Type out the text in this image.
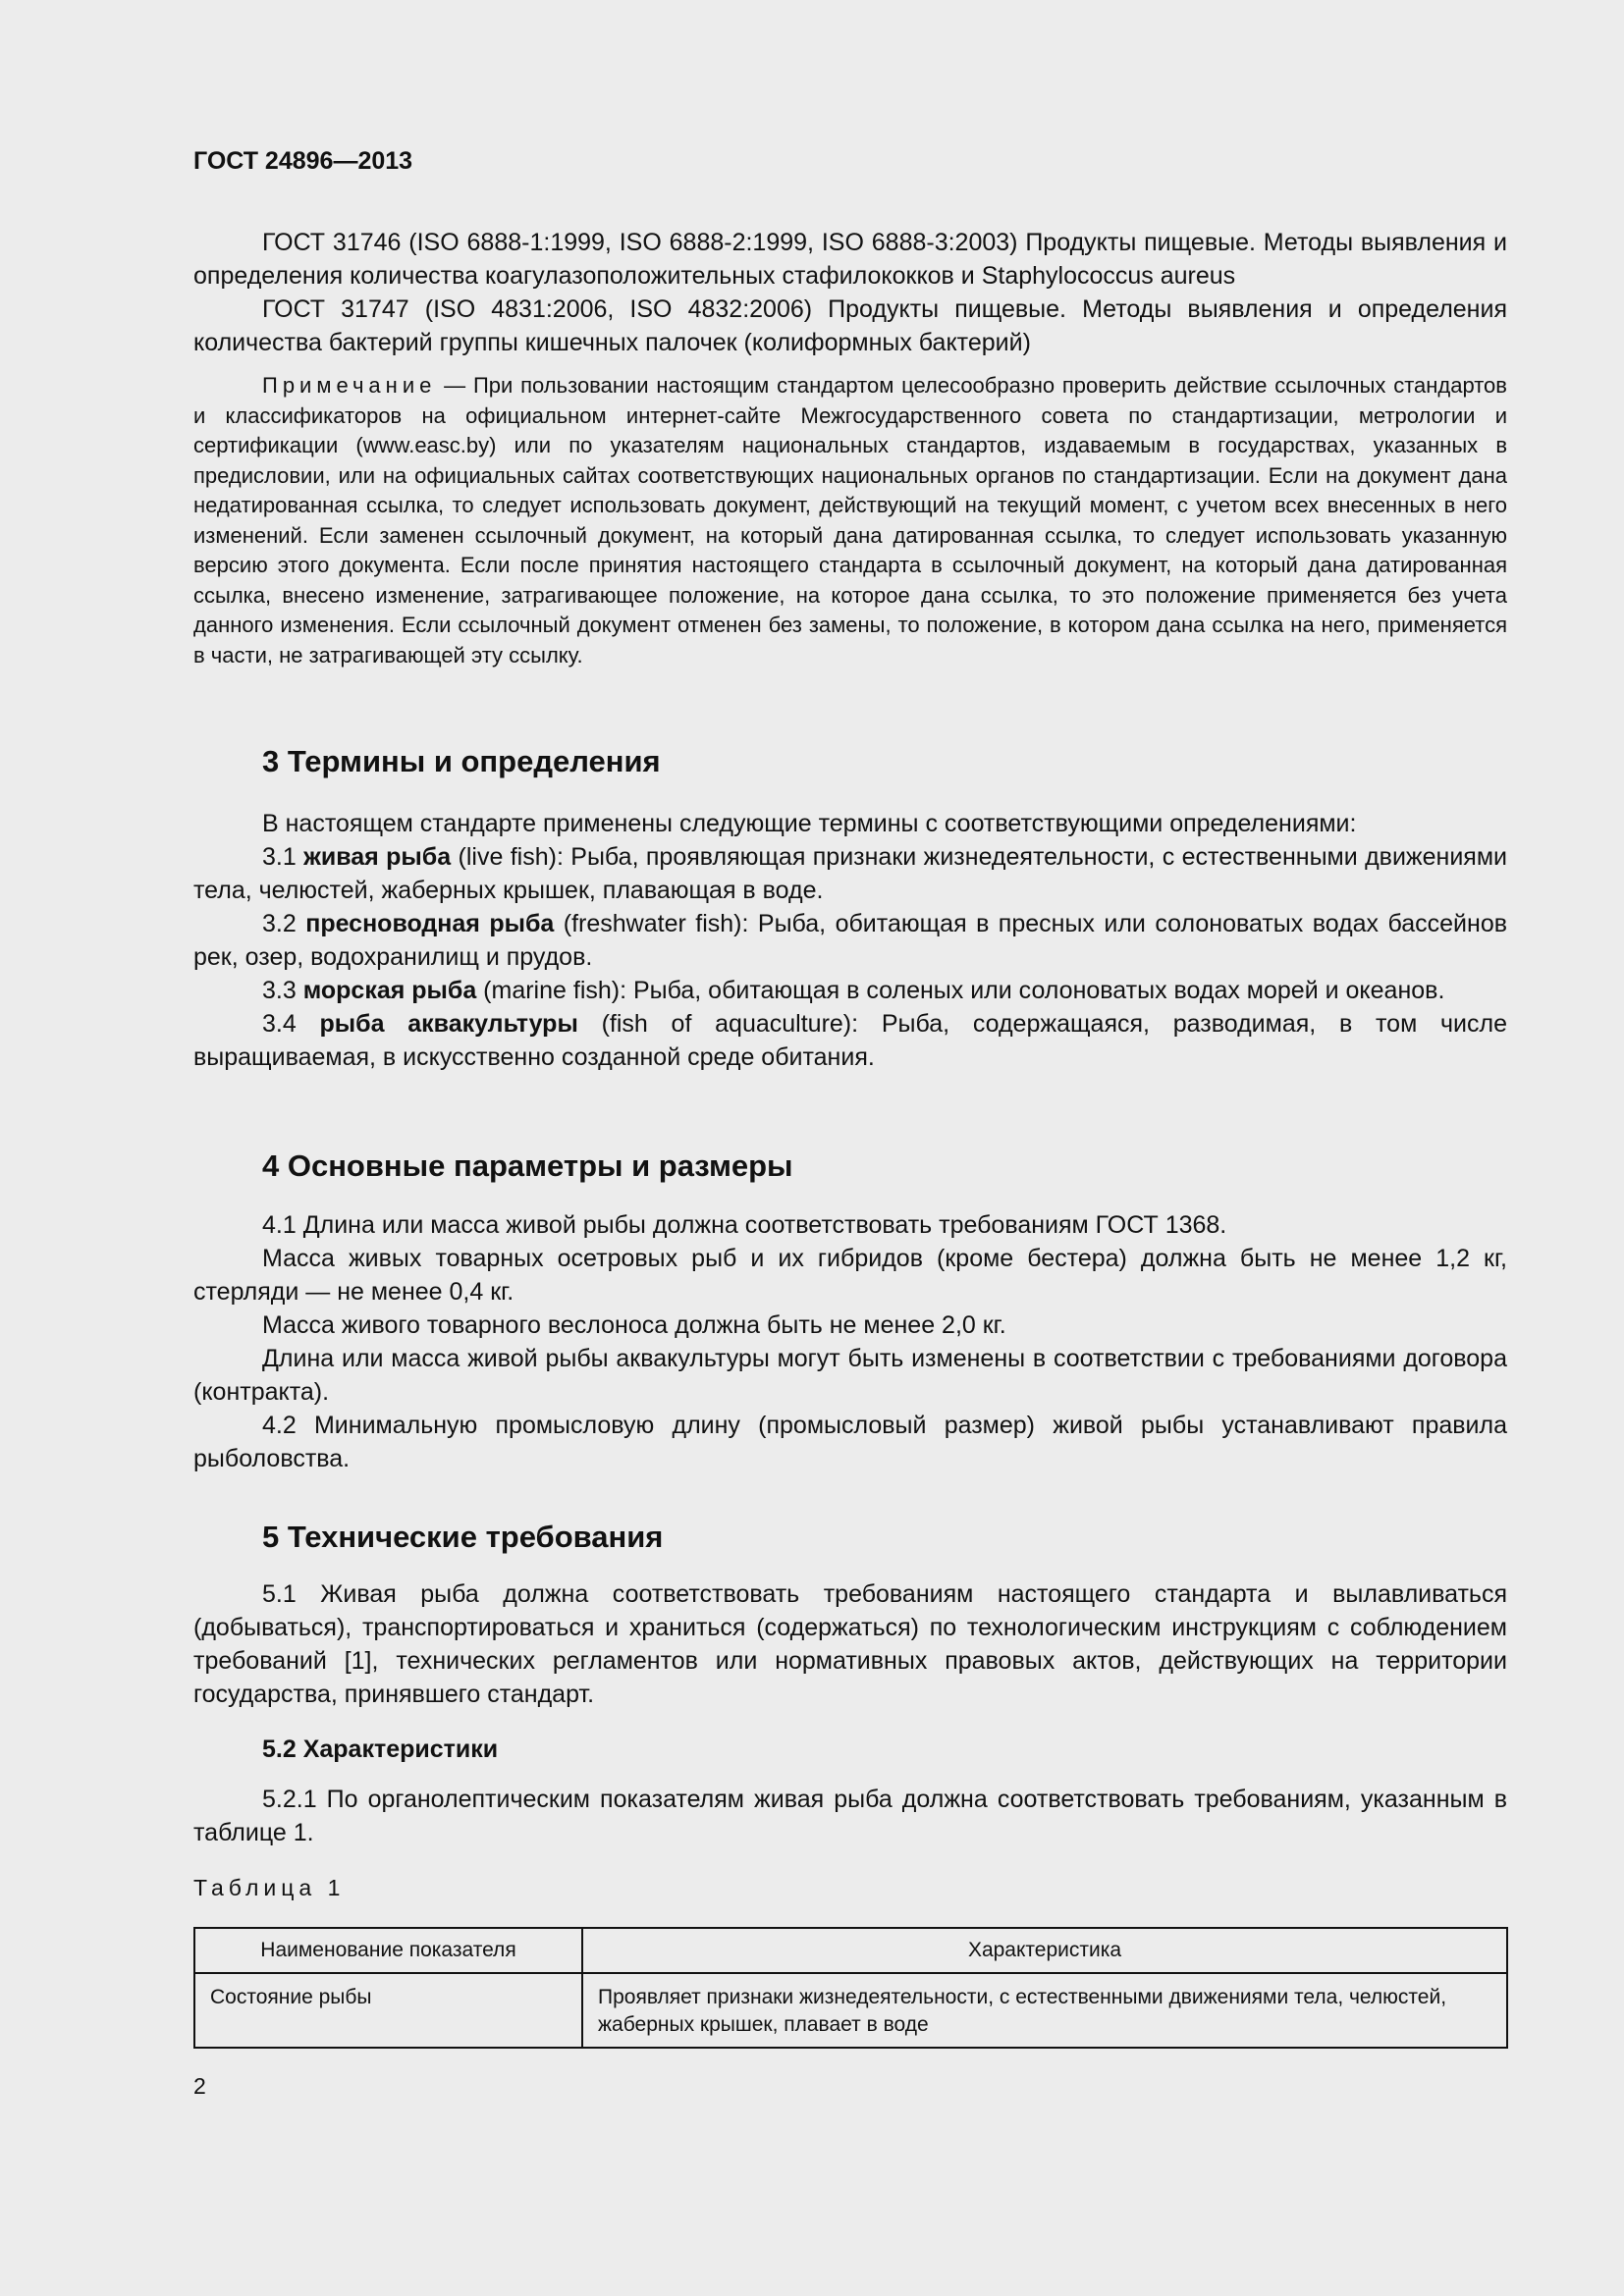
ГОСТ 24896—2013

ГОСТ 31746 (ISO 6888-1:1999, ISO 6888-2:1999, ISO 6888-3:2003) Продукты пищевые. Методы выявления и определения количества коагулазоположительных стафилококков и Staphylococcus aureus

ГОСТ 31747 (ISO 4831:2006, ISO 4832:2006) Продукты пищевые. Методы выявления и определения количества бактерий группы кишечных палочек (колиформных бактерий)

Примечание — При пользовании настоящим стандартом целесообразно проверить действие ссылочных стандартов и классификаторов на официальном интернет-сайте Межгосударственного совета по стандартизации, метрологии и сертификации (www.easc.by) или по указателям национальных стандартов, издаваемым в государствах, указанных в предисловии, или на официальных сайтах соответствующих национальных органов по стандартизации. Если на документ дана недатированная ссылка, то следует использовать документ, действующий на текущий момент, с учетом всех внесенных в него изменений. Если заменен ссылочный документ, на который дана датированная ссылка, то следует использовать указанную версию этого документа. Если после принятия настоящего стандарта в ссылочный документ, на который дана датированная ссылка, внесено изменение, затрагивающее положение, на которое дана ссылка, то это положение применяется без учета данного изменения. Если ссылочный документ отменен без замены, то положение, в котором дана ссылка на него, применяется в части, не затрагивающей эту ссылку.

3 Термины и определения

В настоящем стандарте применены следующие термины с соответствующими определениями:

3.1 живая рыба (live fish): Рыба, проявляющая признаки жизнедеятельности, с естественными движениями тела, челюстей, жаберных крышек, плавающая в воде.

3.2 пресноводная рыба (freshwater fish): Рыба, обитающая в пресных или солоноватых водах бассейнов рек, озер, водохранилищ и прудов.

3.3 морская рыба (marine fish): Рыба, обитающая в соленых или солоноватых водах морей и океанов.

3.4 рыба аквакультуры (fish of aquaculture): Рыба, содержащаяся, разводимая, в том числе выращиваемая, в искусственно созданной среде обитания.

4 Основные параметры и размеры

4.1 Длина или масса живой рыбы должна соответствовать требованиям ГОСТ 1368.

Масса живых товарных осетровых рыб и их гибридов (кроме бестера) должна быть не менее 1,2 кг, стерляди — не менее 0,4 кг.

Масса живого товарного веслоноса должна быть не менее 2,0 кг.

Длина или масса живой рыбы аквакультуры могут быть изменены в соответствии с требованиями договора (контракта).

4.2 Минимальную промысловую длину (промысловый размер) живой рыбы устанавливают правила рыболовства.

5 Технические требования

5.1 Живая рыба должна соответствовать требованиям настоящего стандарта и вылавливаться (добываться), транспортироваться и храниться (содержаться) по технологическим инструкциям с соблюдением требований [1], технических регламентов или нормативных правовых актов, действующих на территории государства, принявшего стандарт.

5.2 Характеристики

5.2.1 По органолептическим показателям живая рыба должна соответствовать требованиям, указанным в таблице 1.

Таблица 1
Наименование показателя	Характеристика
Состояние рыбы	Проявляет признаки жизнедеятельности, с естественными движениями тела, челюстей, жаберных крышек, плавает в воде
2
